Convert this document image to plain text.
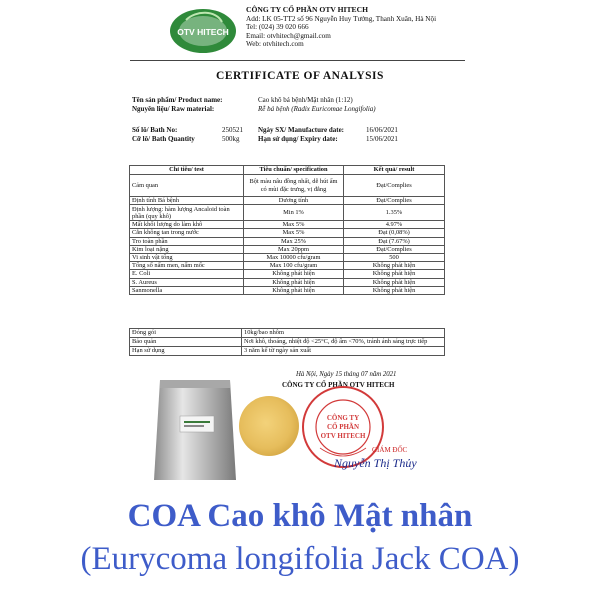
OTV HITECH
CÔNG TY CỔ PHẦN OTV HITECH
Add: LK 05-TT2 số 96 Nguyễn Huy Tưởng, Thanh Xuân, Hà Nội
Tel: (024) 39 020 666
Email: otvhitech@gmail.com
Web: otvhitech.com
CERTIFICATE OF ANALYSIS
Tên sản phẩm/ Product name:	Cao khô bá bệnh/Mật nhân (1:12)
Nguyên liệu/ Raw material:	Rễ bá bệnh (Radix Euricomae Longifolia)
Số lô/ Bath No:	250521
Cỡ lô/ Bath Quantity	500kg
Ngày SX/ Manufacture date:	16/06/2021
Hạn sử dụng/ Expiry date:	15/06/2021
Chỉ tiêu/ test	Tiêu chuẩn/ specification	Kết quả/ result
Cảm quan	Bột màu nâu đồng nhất, dễ hút ẩm có mùi đặc trưng, vị đắng	Đạt/Complies
Định tính Bá bệnh	Dương tính	Đạt/Complies
Định lượng: hàm lượng Ancaloid toàn phần (quy khô)	Min 1%	1.35%
Mất khối lượng do làm khô	Max 5%	4.97%
Cắn không tan trong nước	Max 5%	Đạt (0,08%)
Tro toàn phần	Max 25%	Đạt (7.67%)
Kim loại nặng	Max 20ppm	Đạt/Complies
Vi sinh vật tổng	Max 10000 cfu/gram	500
Tổng số nấm men, nấm mốc	Max 100 cfu/gram	Không phát hiện
E. Coli	Không phát hiện	Không phát hiện
S. Aureus	Không phát hiện	Không phát hiện
Sanmonella	Không phát hiện	Không phát hiện
Đóng gói	10kg/bao nhôm
Bảo quản	Nơi khô, thoáng, nhiệt độ <25°C, độ ẩm <70%, tránh ánh sáng trực tiếp
Hạn sử dụng	3 năm kể từ ngày sản xuất
Hà Nội, Ngày 15 tháng 07 năm 2021
CÔNG TY CỔ PHẦN OTV HITECH
CÔNG TY
CỔ PHẦN
OTV HITECH
GIÁM ĐỐC
Nguyễn Thị Thủy
COA Cao khô Mật nhân
(Eurycoma longifolia Jack COA)
